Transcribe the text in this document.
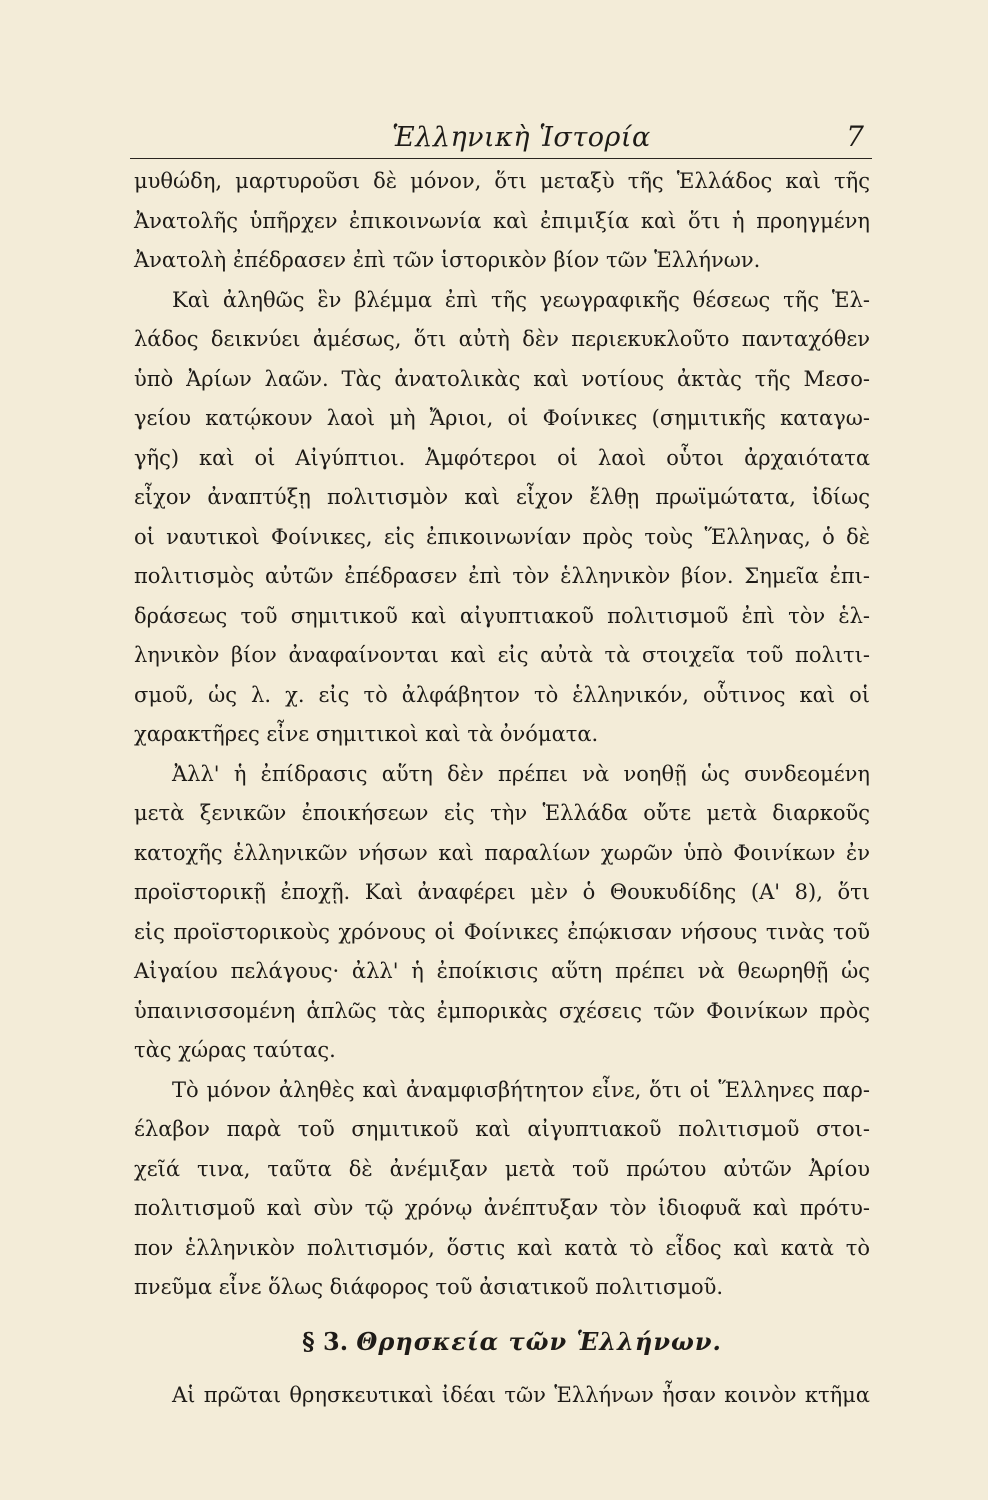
Ἑλληνικὴ Ἱστορία	7
μυθώδη, μαρτυροῦσι δὲ μόνον, ὅτι μεταξὺ τῆς Ἑλλάδος καὶ τῆς
Ἀνατολῆς ὑπῆρχεν ἐπικοινωνία καὶ ἐπιμιξία καὶ ὅτι ἡ προηγμένη
Ἀνατολὴ ἐπέδρασεν ἐπὶ τῶν ἱστορικὸν βίον τῶν Ἑλλήνων.
Καὶ ἀληθῶς ἓν βλέμμα ἐπὶ τῆς γεωγραφικῆς θέσεως τῆς Ἑλ-
λάδος δεικνύει ἀμέσως, ὅτι αὐτὴ δὲν περιεκυκλοῦτο πανταχόθεν
ὑπὸ Ἀρίων λαῶν. Τὰς ἀνατολικὰς καὶ νοτίους ἀκτὰς τῆς Μεσο-
γείου κατῴκουν λαοὶ μὴ Ἄριοι, οἱ Φοίνικες (σημιτικῆς καταγω-
γῆς) καὶ οἱ Αἰγύπτιοι. Ἀμφότεροι οἱ λαοὶ οὗτοι ἀρχαιότατα
εἶχον ἀναπτύξῃ πολιτισμὸν καὶ εἶχον ἔλθῃ πρωϊμώτατα, ἰδίως
οἱ ναυτικοὶ Φοίνικες, εἰς ἐπικοινωνίαν πρὸς τοὺς Ἕλληνας, ὁ δὲ
πολιτισμὸς αὐτῶν ἐπέδρασεν ἐπὶ τὸν ἑλληνικὸν βίον. Σημεῖα ἐπι-
δράσεως τοῦ σημιτικοῦ καὶ αἰγυπτιακοῦ πολιτισμοῦ ἐπὶ τὸν ἑλ-
ληνικὸν βίον ἀναφαίνονται καὶ εἰς αὐτὰ τὰ στοιχεῖα τοῦ πολιτι-
σμοῦ, ὡς λ. χ. εἰς τὸ ἀλφάβητον τὸ ἑλληνικόν, οὗτινος καὶ οἱ
χαρακτῆρες εἶνε σημιτικοὶ καὶ τὰ ὀνόματα.
Ἀλλ' ἡ ἐπίδρασις αὕτη δὲν πρέπει νὰ νοηθῇ ὡς συνδεομένη
μετὰ ξενικῶν ἐποικήσεων εἰς τὴν Ἑλλάδα οὔτε μετὰ διαρκοῦς
κατοχῆς ἑλληνικῶν νήσων καὶ παραλίων χωρῶν ὑπὸ Φοινίκων ἐν
προϊστορικῇ ἐποχῇ. Καὶ ἀναφέρει μὲν ὁ Θουκυδίδης (Α' 8), ὅτι
εἰς προϊστορικοὺς χρόνους οἱ Φοίνικες ἐπῴκισαν νήσους τινὰς τοῦ
Αἰγαίου πελάγους· ἀλλ' ἡ ἐποίκισις αὕτη πρέπει νὰ θεωρηθῇ ὡς
ὑπαινισσομένη ἁπλῶς τὰς ἐμπορικὰς σχέσεις τῶν Φοινίκων πρὸς
τὰς χώρας ταύτας.
Τὸ μόνον ἀληθὲς καὶ ἀναμφισβήτητον εἶνε, ὅτι οἱ Ἕλληνες παρ-
έλαβον παρὰ τοῦ σημιτικοῦ καὶ αἰγυπτιακοῦ πολιτισμοῦ στοι-
χεῖά τινα, ταῦτα δὲ ἀνέμιξαν μετὰ τοῦ πρώτου αὐτῶν Ἀρίου
πολιτισμοῦ καὶ σὺν τῷ χρόνῳ ἀνέπτυξαν τὸν ἰδιοφυᾶ καὶ πρότυ-
πον ἑλληνικὸν πολιτισμόν, ὅστις καὶ κατὰ τὸ εἶδος καὶ κατὰ τὸ
πνεῦμα εἶνε ὅλως διάφορος τοῦ ἀσιατικοῦ πολιτισμοῦ.
§ 3. Θρησκεία τῶν Ἑλλήνων.
Αἱ πρῶται θρησκευτικαὶ ἰδέαι τῶν Ἑλλήνων ἦσαν κοινὸν κτῆμα
